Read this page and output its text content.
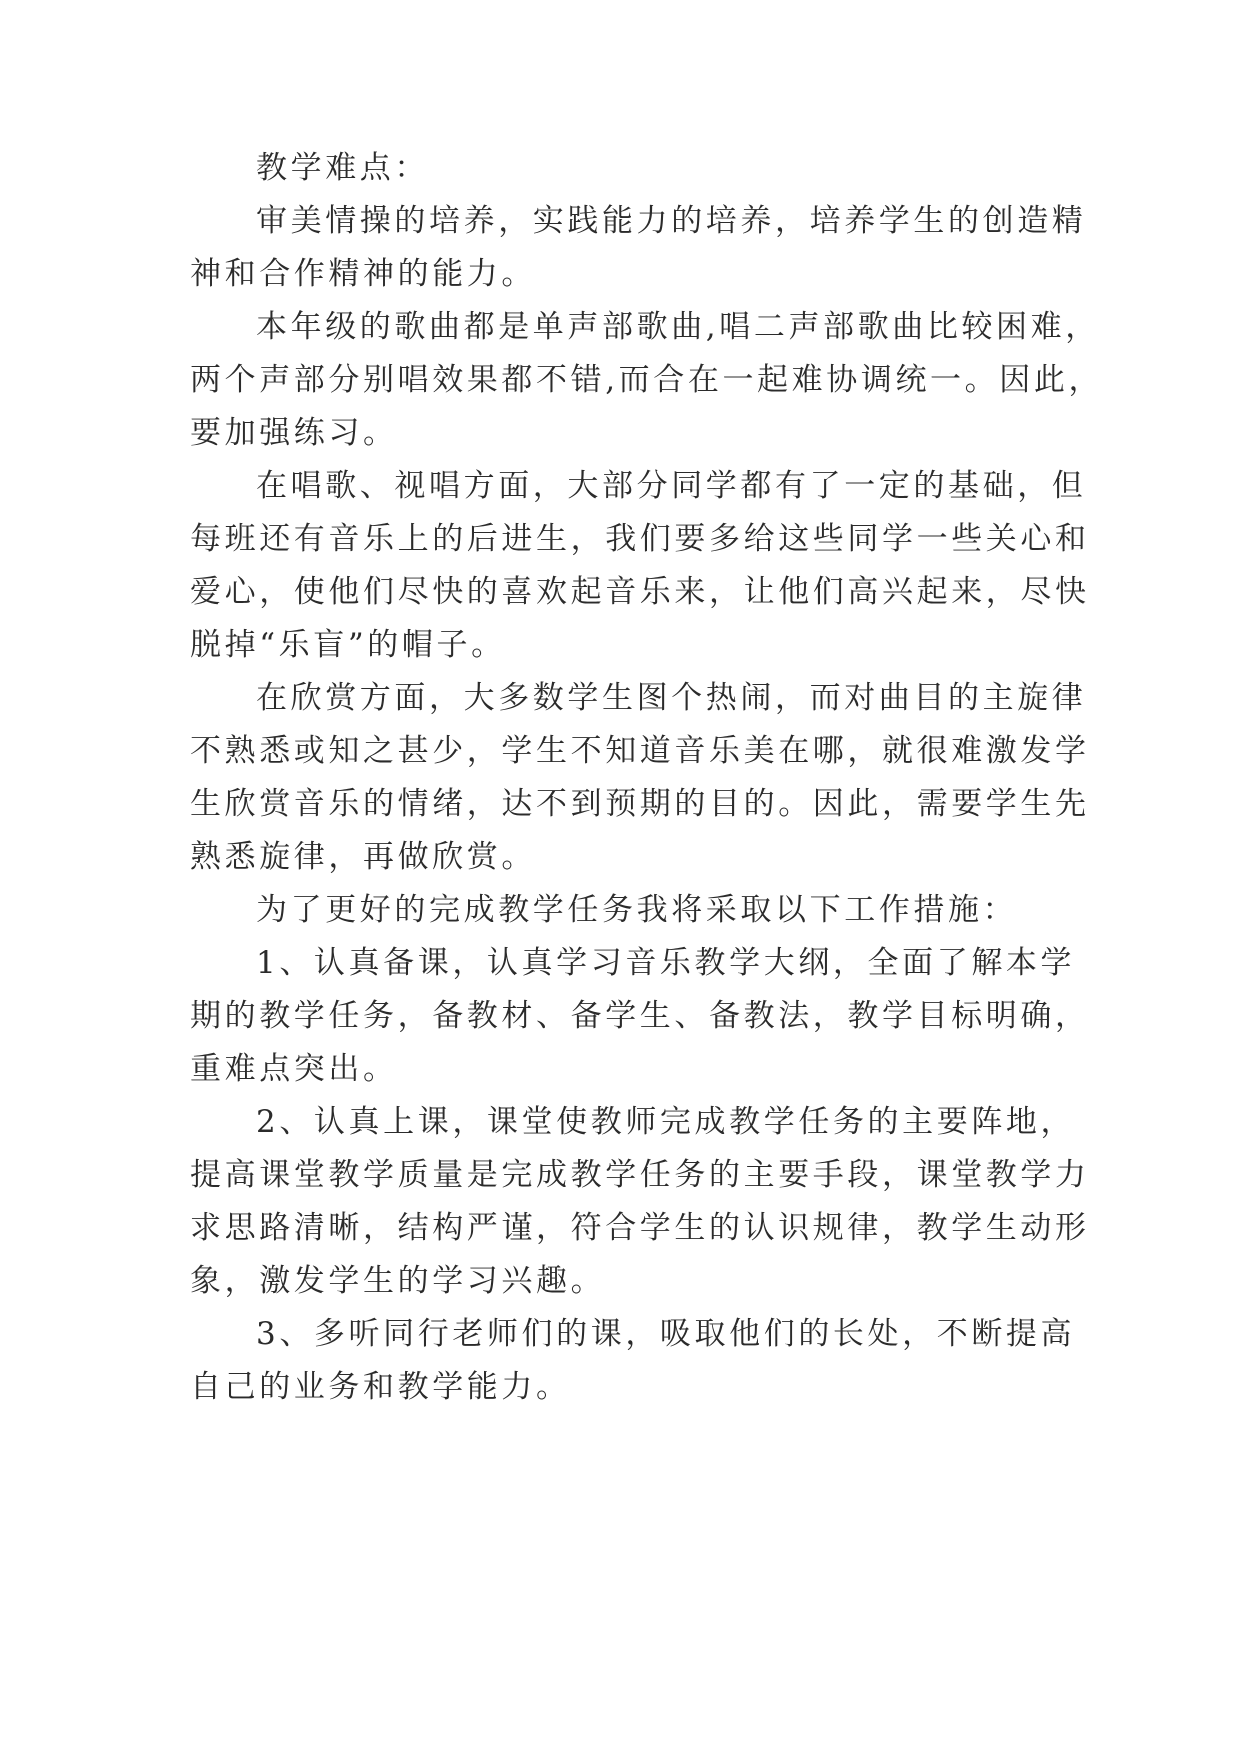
教学难点：
审美情操的培养，实践能力的培养，培养学生的创造精
神和合作精神的能力。
本年级的歌曲都是单声部歌曲,唱二声部歌曲比较困难，
两个声部分别唱效果都不错,而合在一起难协调统一。因此，
要加强练习。
在唱歌、视唱方面，大部分同学都有了一定的基础，但
每班还有音乐上的后进生，我们要多给这些同学一些关心和
爱心，使他们尽快的喜欢起音乐来，让他们高兴起来，尽快
脱掉“乐盲”的帽子。
在欣赏方面，大多数学生图个热闹，而对曲目的主旋律
不熟悉或知之甚少，学生不知道音乐美在哪，就很难激发学
生欣赏音乐的情绪，达不到预期的目的。因此，需要学生先
熟悉旋律，再做欣赏。
为了更好的完成教学任务我将采取以下工作措施：
1、认真备课，认真学习音乐教学大纲，全面了解本学
期的教学任务，备教材、备学生、备教法，教学目标明确，
重难点突出。
2、认真上课，课堂使教师完成教学任务的主要阵地，
提高课堂教学质量是完成教学任务的主要手段，课堂教学力
求思路清晰，结构严谨，符合学生的认识规律，教学生动形
象，激发学生的学习兴趣。
3、多听同行老师们的课，吸取他们的长处，不断提高
自己的业务和教学能力。
